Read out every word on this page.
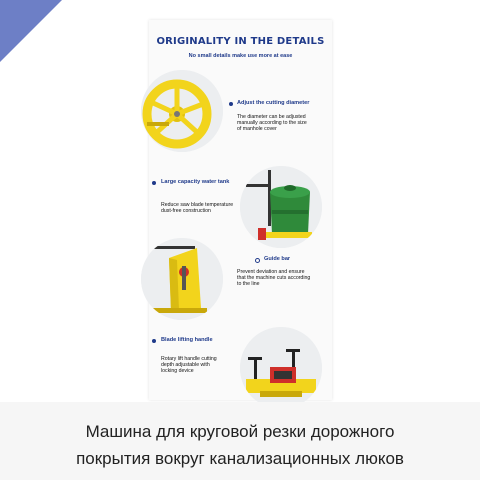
ORIGINALITY IN THE DETAILS
No small details make use more at ease
Adjust the cutting diameter
The diameter can be adjusted
manually according to the size
of manhole cover
Large capacity water tank
Reduce saw blade temperature
dust-free construction
Guide bar
Prevent deviation and ensure
that the machine cuts according
to the line
Blade lifting handle
Rotary lift handle cutting
depth adjustable with
locking device
Машина для круговой резки дорожного
покрытия вокруг канализационных люков
